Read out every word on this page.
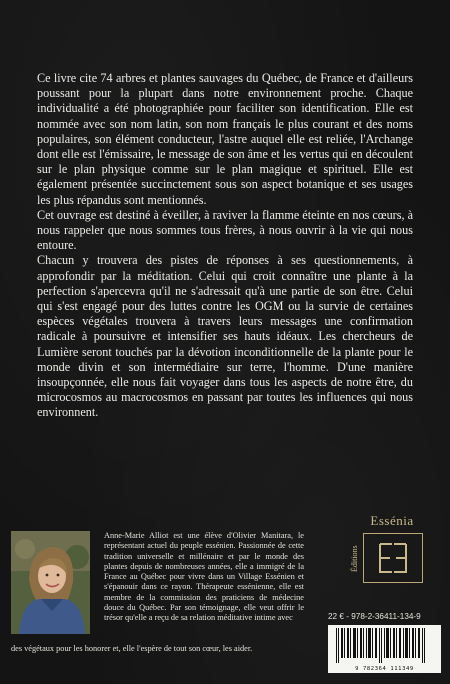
Ce livre cite 74 arbres et plantes sauvages du Québec, de France et d'ailleurs poussant pour la plupart dans notre environnement proche. Chaque individualité a été photographiée pour faciliter son identification. Elle est nommée avec son nom latin, son nom français le plus courant et des noms populaires, son élément conducteur, l'astre auquel elle est reliée, l'Archange dont elle est l'émissaire, le message de son âme et les vertus qui en découlent sur le plan physique comme sur le plan magique et spirituel. Elle est également présentée succinctement sous son aspect botanique et ses usages les plus répandus sont mentionnés.

Cet ouvrage est destiné à éveiller, à raviver la flamme éteinte en nos cœurs, à nous rappeler que nous sommes tous frères, à nous ouvrir à la vie qui nous entoure.

Chacun y trouvera des pistes de réponses à ses questionnements, à approfondir par la méditation. Celui qui croit connaître une plante à la perfection s'apercevra qu'il ne s'adressait qu'à une partie de son être. Celui qui s'est engagé pour des luttes contre les OGM ou la survie de certaines espèces végétales trouvera à travers leurs messages une confirmation radicale à poursuivre et intensifier ses hauts idéaux. Les chercheurs de Lumière seront touchés par la dévotion inconditionnelle de la plante pour le monde divin et son intermédiaire sur terre, l'homme. D'une manière insoupçonnée, elle nous fait voyager dans tous les aspects de notre être, du microcosmos au macrocosmos en passant par toutes les influences qui nous environnent.

Anne-Marie Alliot est une élève d'Olivier Manitara, le représentant actuel du peuple essénien. Passionnée de cette tradition universelle et millénaire et par le monde des plantes depuis de nombreuses années, elle a immigré de la France au Québec pour vivre dans un Village Essénien et s'épanouir dans ce rayon. Thérapeute essénienne, elle est membre de la commission des praticiens de médecine douce du Québec. Par son témoignage, elle veut offrir le trésor qu'elle a reçu de sa relation méditative intime avec
des végétaux pour les honorer et, elle l'espère de tout son cœur, les aider.
Essénia
Éditions
22 € - 978-2-36411-134-9
9 782364 111349
